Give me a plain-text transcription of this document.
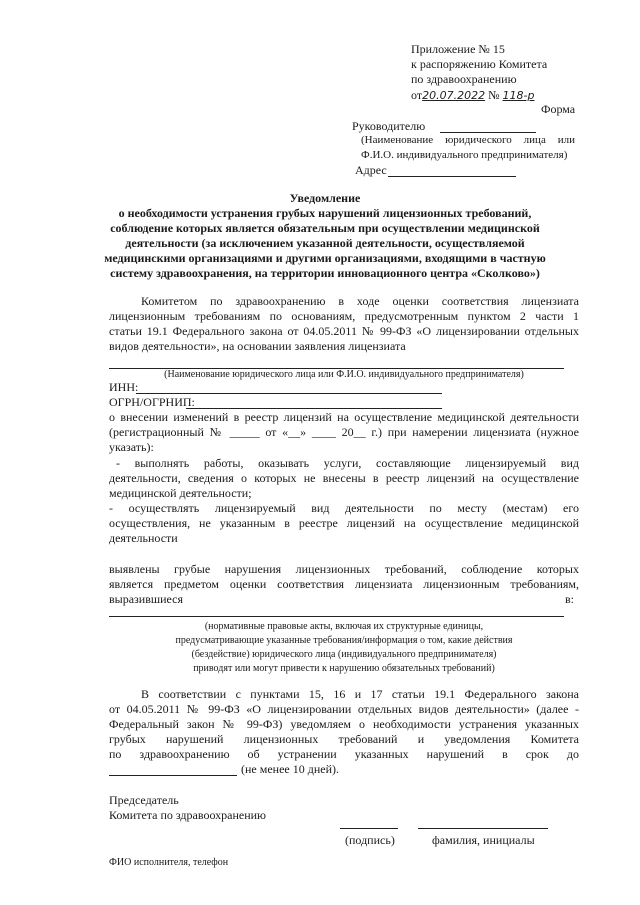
Приложение № 15
к распоряжению Комитета
по здравоохранению
от20.07.2022 № 118-р
Форма
Руководителю
(Наименование юридического лица или
Ф.И.О. индивидуального предпринимателя)
Адрес
Уведомление
о необходимости устранения грубых нарушений лицензионных требований,
соблюдение которых является обязательным при осуществлении медицинской
деятельности (за исключением указанной деятельности, осуществляемой
медицинскими организациями и другими организациями, входящими в частную
систему здравоохранения, на территории инновационного центра «Сколково»)
Комитетом по здравоохранению в ходе оценки соответствия лицензиата
лицензионным требованиям по основаниям, предусмотренным пунктом 2 части 1
статьи 19.1 Федерального закона от 04.05.2011 № 99-ФЗ «О лицензировании отдельных
видов деятельности», на основании заявления лицензиата
(Наименование юридического лица или Ф.И.О. индивидуального предпринимателя)
ИНН:
ОГРН/ОГРНИП:
о внесении изменений в реестр лицензий на осуществление медицинской деятельности
(регистрационный № _____ от «__» ____ 20__ г.) при намерении лицензиата (нужное
указать):
- выполнять работы, оказывать услуги, составляющие лицензируемый вид
деятельности, сведения о которых не внесены в реестр лицензий на осуществление
медицинской деятельности;
- осуществлять лицензируемый вид деятельности по месту (местам) его
осуществления, не указанным в реестре лицензий на осуществление медицинской
деятельности
выявлены грубые нарушения лицензионных требований, соблюдение которых
является предметом оценки соответствия лицензиата лицензионным требованиям,
выразившиеся	в:
(нормативные правовые акты, включая их структурные единицы,
предусматривающие указанные требования/информация о том, какие действия
(бездействие) юридического лица (индивидуального предпринимателя)
приводят или могут привести к нарушению обязательных требований)
В соответствии с пунктами 15, 16 и 17 статьи 19.1 Федерального закона
от 04.05.2011 № 99-ФЗ «О лицензировании отдельных видов деятельности» (далее -
Федеральный закон № 99-ФЗ) уведомляем о необходимости устранения указанных
грубых нарушений лицензионных требований и уведомления Комитета
по здравоохранению об устранении указанных нарушений в срок до
(не менее 10 дней).
Председатель
Комитета по здравоохранению
(подпись)	фамилия, инициалы
ФИО исполнителя, телефон
